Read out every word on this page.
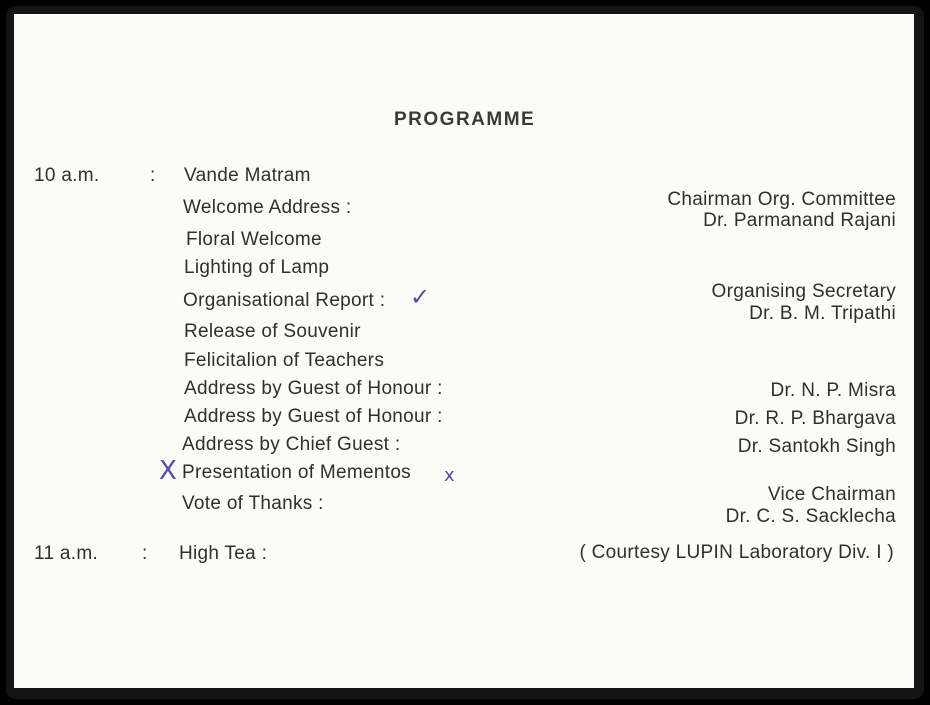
PROGRAMME
10 a.m.	:
11 a.m. :
Vande Matram
Welcome Address :
Floral Welcome
Lighting of Lamp
Organisational Report :
Release of Souvenir
Felicitalion of Teachers
Address by Guest of Honour :
Address by Guest of Honour :
Address by Chief Guest :
Presentation of Mementos
Vote of Thanks :
High Tea :
Chairman Org. Committee
Dr. Parmanand Rajani
Organising Secretary
Dr. B. M. Tripathi
Dr. N. P. Misra
Dr. R. P. Bhargava
Dr. Santokh Singh
Vice Chairman
Dr. C. S. Sacklecha
( Courtesy LUPIN Laboratory Div. I )
✓
X	x
